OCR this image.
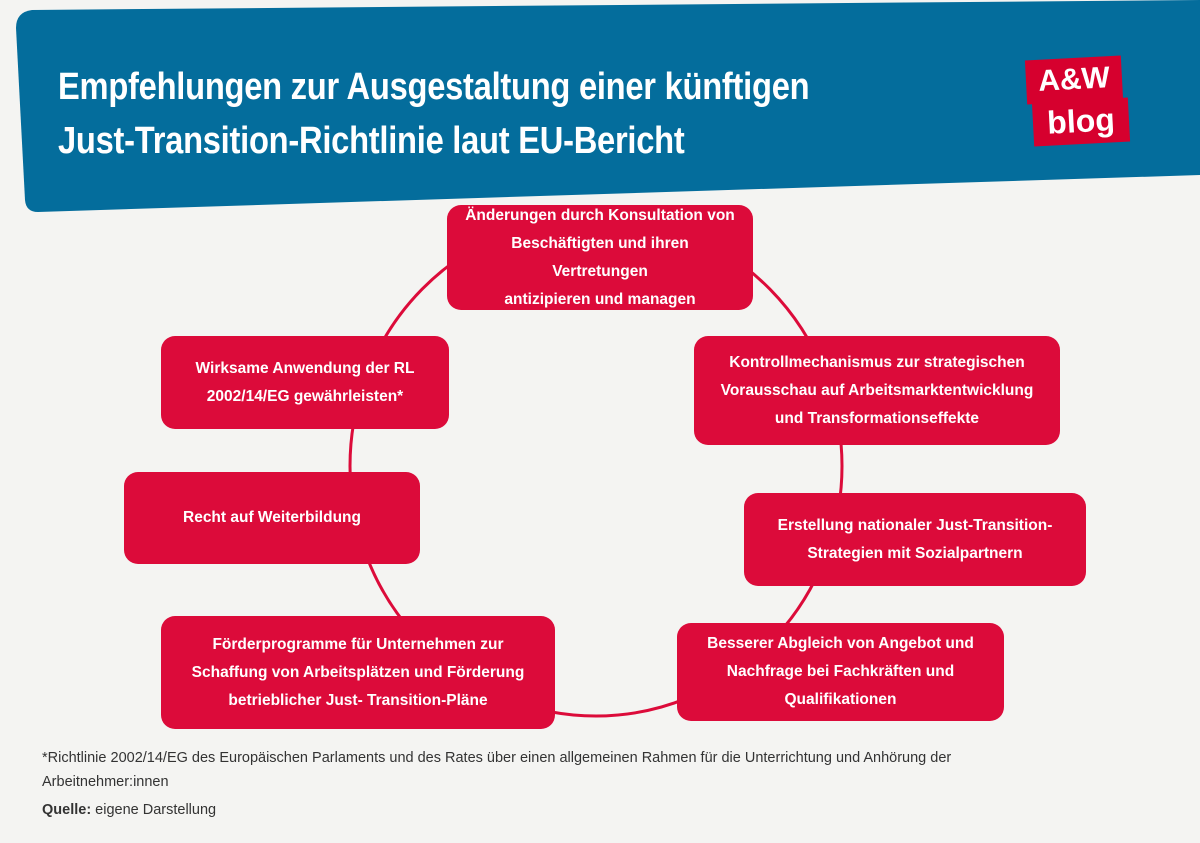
Empfehlungen zur Ausgestaltung einer künftigen
Just-Transition-Richtlinie laut EU-Bericht
A&W
blog
Änderungen durch Konsultation von
Beschäftigten und ihren Vertretungen
antizipieren und managen
Kontrollmechanismus zur strategischen
Vorausschau auf Arbeitsmarktentwicklung
und Transformationseffekte
Erstellung nationaler Just-Transition-
Strategien mit Sozialpartnern
Besserer Abgleich von Angebot und
Nachfrage bei Fachkräften und
Qualifikationen
Förderprogramme für Unternehmen zur
Schaffung von Arbeitsplätzen und Förderung
betrieblicher Just- Transition-Pläne
Recht auf Weiterbildung
Wirksame Anwendung der RL
2002/14/EG gewährleisten*
*Richtlinie 2002/14/EG des Europäischen Parlaments und des Rates über einen allgemeinen Rahmen für die Unterrichtung und Anhörung der Arbeitnehmer:innen
Quelle: eigene Darstellung
